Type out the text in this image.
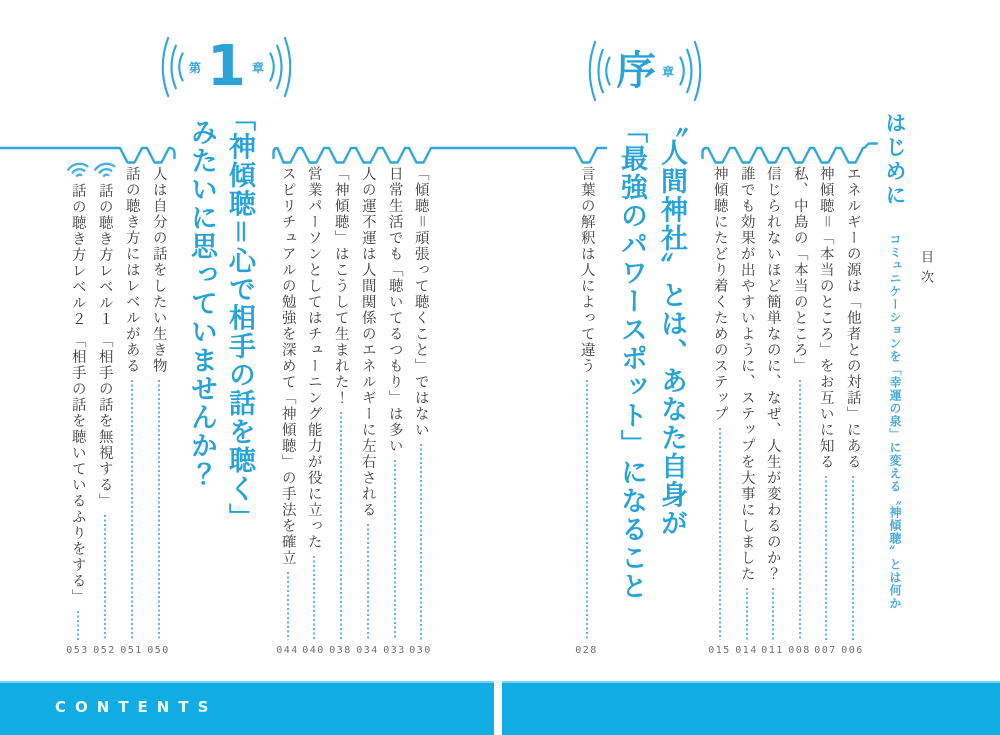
目次
はじめに コミュニケーションを「幸運の泉」に変える〝神傾聴〟とは何か
エネルギーの源は「他者との対話」にある
006
神傾聴＝「本当のところ」をお互いに知る
007
私、中島の「本当のところ」
008
信じられないほど簡単なのに、なぜ、人生が変わるのか？
011
誰でも効果が出やすいように、ステップを大事にしました
014
神傾聴にたどり着くためのステップ
015
序 章
〝人間神社〟とは、あなた自身が
「最強のパワースポット」になること
言葉の解釈は人によって違う
028
「傾聴＝頑張って聴くこと」ではない
030
日常生活でも「聴いてるつもり」は多い
033
人の運不運は人間関係のエネルギーに左右される
034
「神傾聴」はこうして生まれた！
038
営業パーソンとしてはチューニング能力が役に立った
040
スピリチュアルの勉強を深めて「神傾聴」の手法を確立
044
第 1 章
「神傾聴＝心で相手の話を聴く」
みたいに思っていませんか？
人は自分の話をしたい生き物
050
話の聴き方にはレベルがある
051
話の聴き方レベル１ 「相手の話を無視する」
052
話の聴き方レベル２ 「相手の話を聴いているふりをする」
053
CONTENTS
